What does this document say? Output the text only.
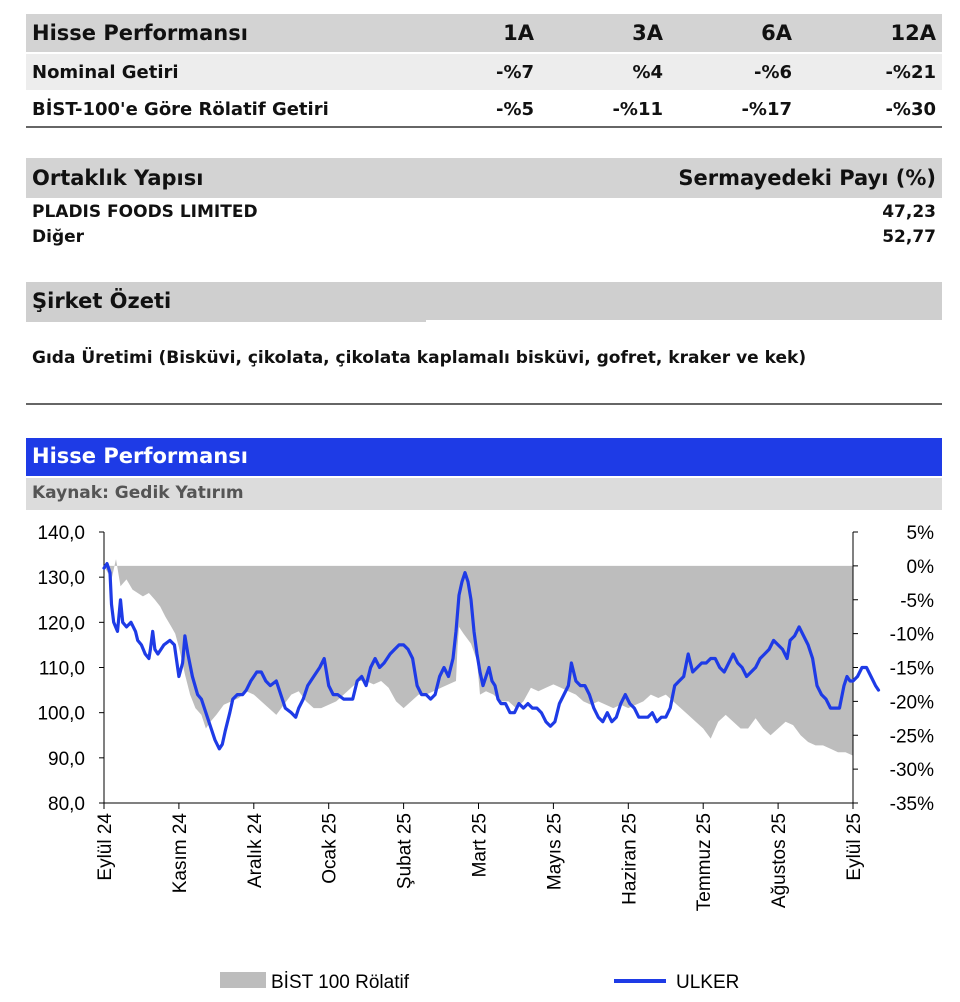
Hisse Performansı	1A	3A	6A	12A
Nominal Getiri	-%7	%4	-%6	-%21
BİST-100'e Göre Rölatif Getiri	-%5	-%11	-%17	-%30
Ortaklık Yapısı	Sermayedeki Payı (%)
PLADIS FOODS LIMITED	47,23
Diğer	52,77
Şirket Özeti
Gıda Üretimi (Bisküvi, çikolata, çikolata kaplamalı bisküvi, gofret, kraker ve kek)
Hisse Performansı
Kaynak: Gedik Yatırım
140,0
130,0
120,0
110,0
100,0
90,0
80,0
5%
0%
-5%
-10%
-15%
-20%
-25%
-30%
-35%
Eylül 24	Kasım 24	Aralık 24	Ocak 25	Şubat 25	Mart 25	Mayıs 25	Haziran 25	Temmuz 25	Ağustos 25	Eylül 25
BİST 100 Rölatif	ULKER
